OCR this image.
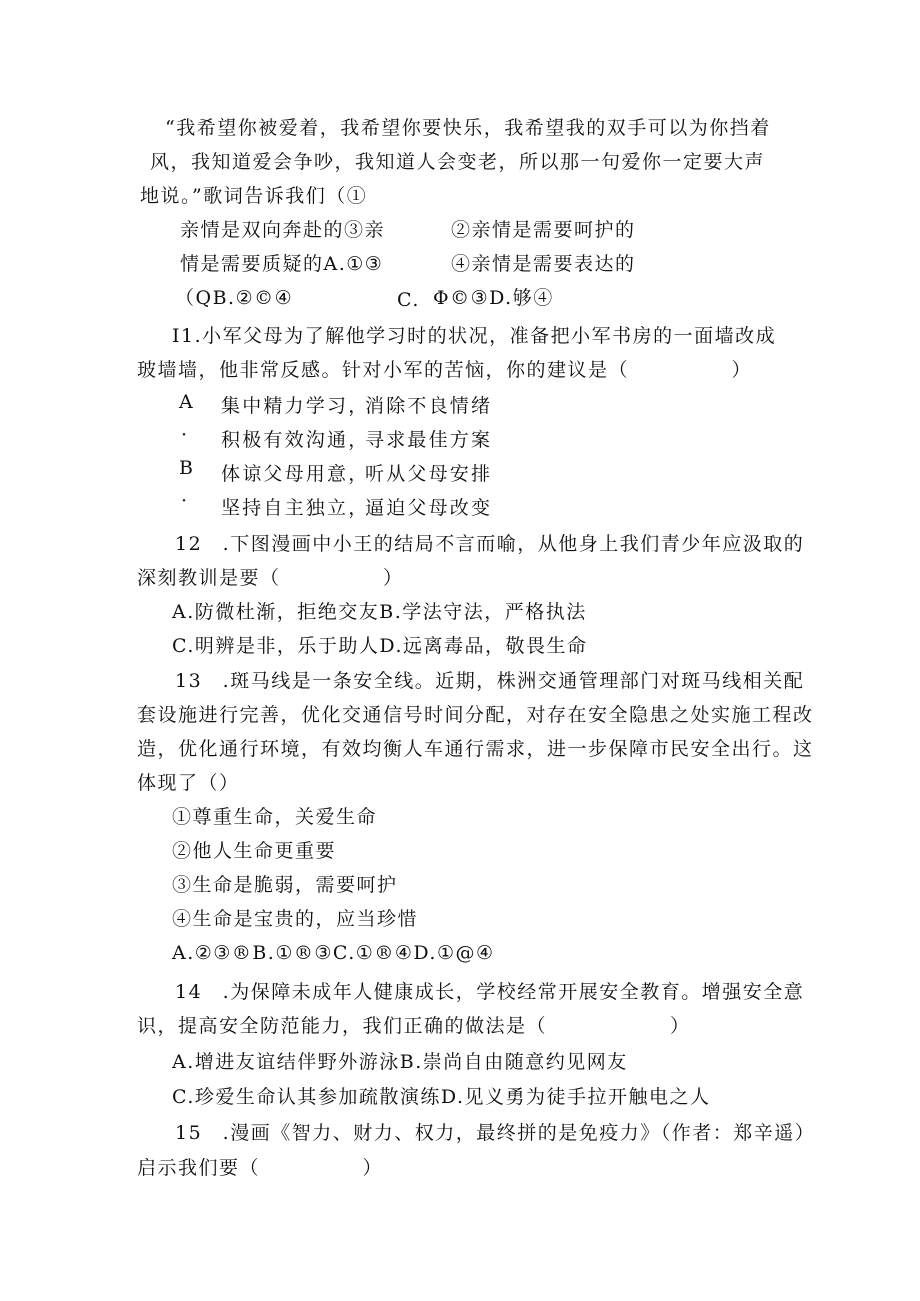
“我希望你被爱着，我希望你要快乐，我希望我的双手可以为你挡着

风，我知道爱会争吵，我知道人会变老，所以那一句爱你一定要大声

地说。”歌词告诉我们（①

亲情是双向奔赴的③亲	②亲情是需要呵护的

情是需要质疑的A.①③	④亲情是需要表达的

（QB.②©④	C. Φ©③D.够④

I1.小军父母为了解他学习时的状况，准备把小军书房的一面墙改成

玻墙墙，他非常反感。针对小军的苦恼，你的建议是（　　　　　）

A 集中精力学习，

消除不良情绪

· 积极有效沟通，

寻求最佳方案

B 体谅父母用意，

听从父母安排

· 坚持自主独立，

逼迫父母改变

12　.下图漫画中小王的结局不言而喻，从他身上我们青少年应汲取的

深刻教训是要（　　　　　）

A.防微杜渐，拒绝交友B.学法守法，严格执法

C.明辨是非，乐于助人D.远离毒品，敬畏生命

13　.斑马线是一条安全线。近期，株洲交通管理部门对斑马线相关配

套设施进行完善，优化交通信号时间分配，对存在安全隐患之处实施工程改

造，优化通行环境，有效均衡人车通行需求，进一步保障市民安全出行。这

体现了（）

①尊重生命，关爱生命

②他人生命更重要

③生命是脆弱，需要呵护

④生命是宝贵的，应当珍惜

A.②③®B.①®③C.①®④D.①@④

14　.为保障未成年人健康成长，学校经常开展安全教育。增强安全意

识，提高安全防范能力，我们正确的做法是（　　　　　　）

A.增进友谊结伴野外游泳B.崇尚自由随意约见网友

C.珍爱生命认其参加疏散演练D.见义勇为徒手拉开触电之人

15　.漫画《智力、财力、权力，最终拼的是免疫力》（作者：郑辛遥）

启示我们要（　　　　　）
